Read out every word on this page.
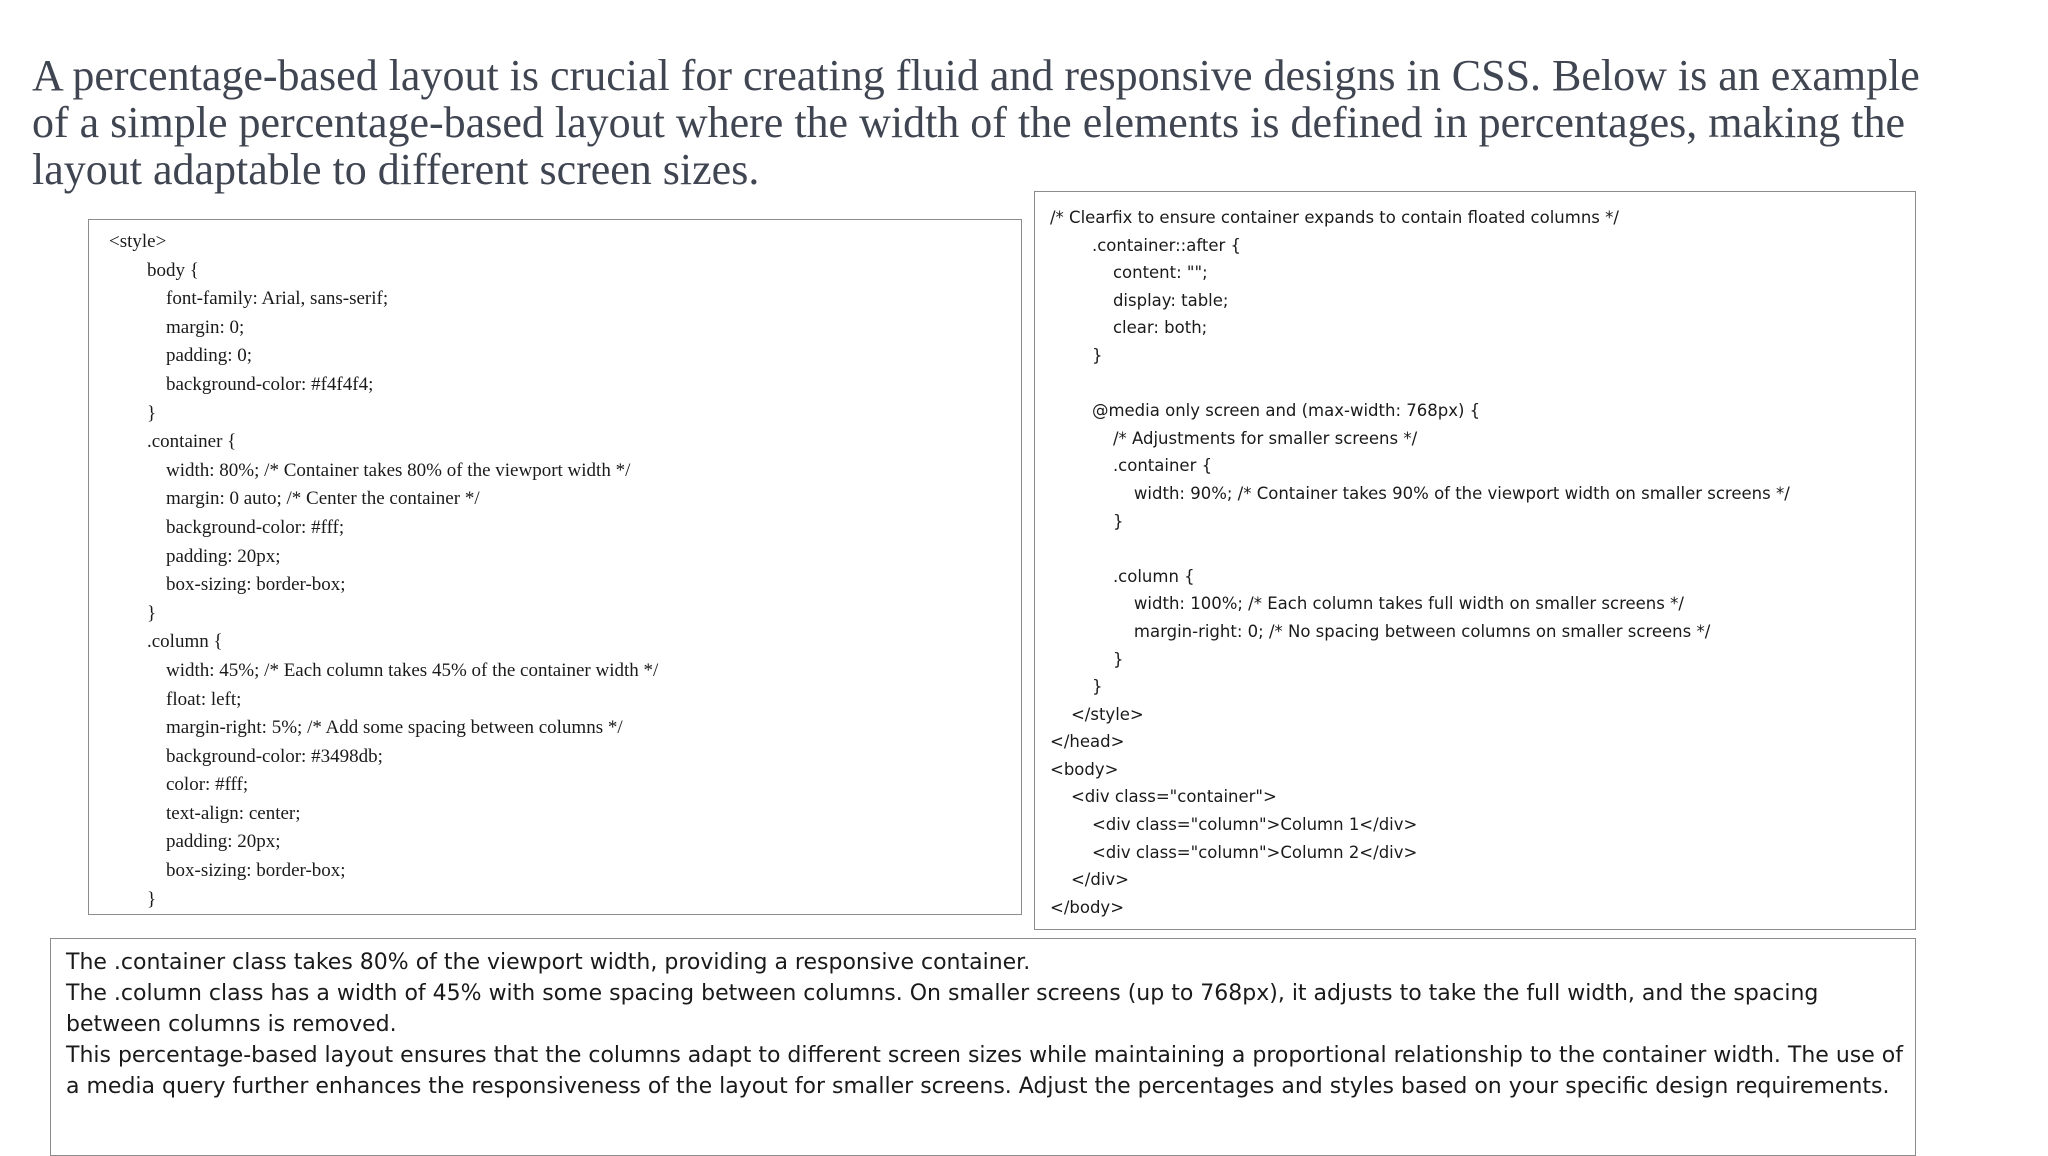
A percentage-based layout is crucial for creating fluid and responsive designs in CSS. Below is an example of a simple percentage-based layout where the width of the elements is defined in percentages, making the layout adaptable to different screen sizes.

<style>
body {
font-family: Arial, sans-serif;
margin: 0;
padding: 0;
background-color: #f4f4f4;
}
.container {
width: 80%; /* Container takes 80% of the viewport width */
margin: 0 auto; /* Center the container */
background-color: #fff;
padding: 20px;
box-sizing: border-box;
}
.column {
width: 45%; /* Each column takes 45% of the container width */
float: left;
margin-right: 5%; /* Add some spacing between columns */
background-color: #3498db;
color: #fff;
text-align: center;
padding: 20px;
box-sizing: border-box;
}
/* Clearfix to ensure container expands to contain floated columns */
.container::after {
content: "";
display: table;
clear: both;
}
@media only screen and (max-width: 768px) {
/* Adjustments for smaller screens */
.container {
width: 90%; /* Container takes 90% of the viewport width on smaller screens */
}
.column {
width: 100%; /* Each column takes full width on smaller screens */
margin-right: 0; /* No spacing between columns on smaller screens */
}
}
</style>
</head>
<body>
<div class="container">
<div class="column">Column 1</div>
<div class="column">Column 2</div>
</div>
</body>

The .container class takes 80% of the viewport width, providing a responsive container.

The .column class has a width of 45% with some spacing between columns. On smaller screens (up to 768px), it adjusts to take the full width, and the spacing between columns is removed.

This percentage-based layout ensures that the columns adapt to different screen sizes while maintaining a proportional relationship to the container width. The use of a media query further enhances the responsiveness of the layout for smaller screens. Adjust the percentages and styles based on your specific design requirements.
